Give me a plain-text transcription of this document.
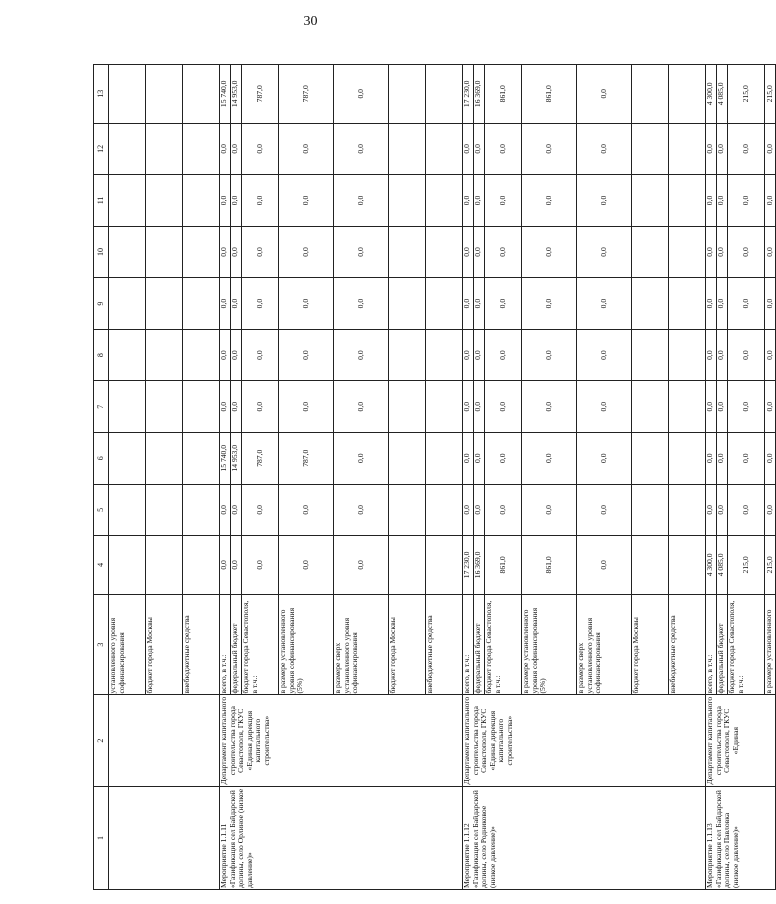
30
1	2	3	4	5	6	7	8	9	10	11	12	13
		установленного уровня софинансирования										
		бюджет города Москвы										
		внебюджетные средства										
Мероприятие 1.1.11 «Газификация сел Байдарской долины, село Орлиное (низкое давление)»	Департамент капитального строительства города Севастополя, ГКУС «Единая дирекция капитального строительства»	всего, в т.ч.:	0,0	0,0	15 740,0	0,0	0,0	0,0	0,0	0,0	0,0	15 740,0
		федеральный бюджет	0,0	0,0	14 953,0	0,0	0,0	0,0	0,0	0,0	0,0	14 953,0
		бюджет города Севастополя, в т.ч.:	0,0	0,0	787,0	0,0	0,0	0,0	0,0	0,0	0,0	787,0
		в размере установленного уровня софинансирования (5%)	0,0	0,0	787,0	0,0	0,0	0,0	0,0	0,0	0,0	787,0
		в размере сверх установленного уровня софинансирования	0,0	0,0	0,0	0,0	0,0	0,0	0,0	0,0	0,0	0,0
		бюджет города Москвы										
		внебюджетные средства										
Мероприятие 1.1.12 «Газификация сел Байдарской долины, село Родниковое (низкое давление)»	Департамент капитального строительства города Севастополя, ГКУС «Единая дирекция капитального строительства»	всего, в т.ч.:	17 230,0	0,0	0,0	0,0	0,0	0,0	0,0	0,0	0,0	17 230,0
		федеральный бюджет	16 369,0	0,0	0,0	0,0	0,0	0,0	0,0	0,0	0,0	16 369,0
		бюджет города Севастополя, в т.ч.:	861,0	0,0	0,0	0,0	0,0	0,0	0,0	0,0	0,0	861,0
		в размере установленного уровня софинансирования (5%)	861,0	0,0	0,0	0,0	0,0	0,0	0,0	0,0	0,0	861,0
		в размере сверх установленного уровня софинансирования	0,0	0,0	0,0	0,0	0,0	0,0	0,0	0,0	0,0	0,0
		бюджет города Москвы										
		внебюджетные средства										
Мероприятие 1.1.13 «Газификация сел Байдарской долины, село Павловка (низкое давление)»	Департамент капитального строительства города Севастополя, ГКУС «Единая	всего, в т.ч.:	4 300,0	0,0	0,0	0,0	0,0	0,0	0,0	0,0	0,0	4 300,0
		федеральный бюджет	4 085,0	0,0	0,0	0,0	0,0	0,0	0,0	0,0	0,0	4 085,0
		бюджет города Севастополя, в т.ч.:	215,0	0,0	0,0	0,0	0,0	0,0	0,0	0,0	0,0	215,0
		в размере установленного	215,0	0,0	0,0	0,0	0,0	0,0	0,0	0,0	0,0	215,0
